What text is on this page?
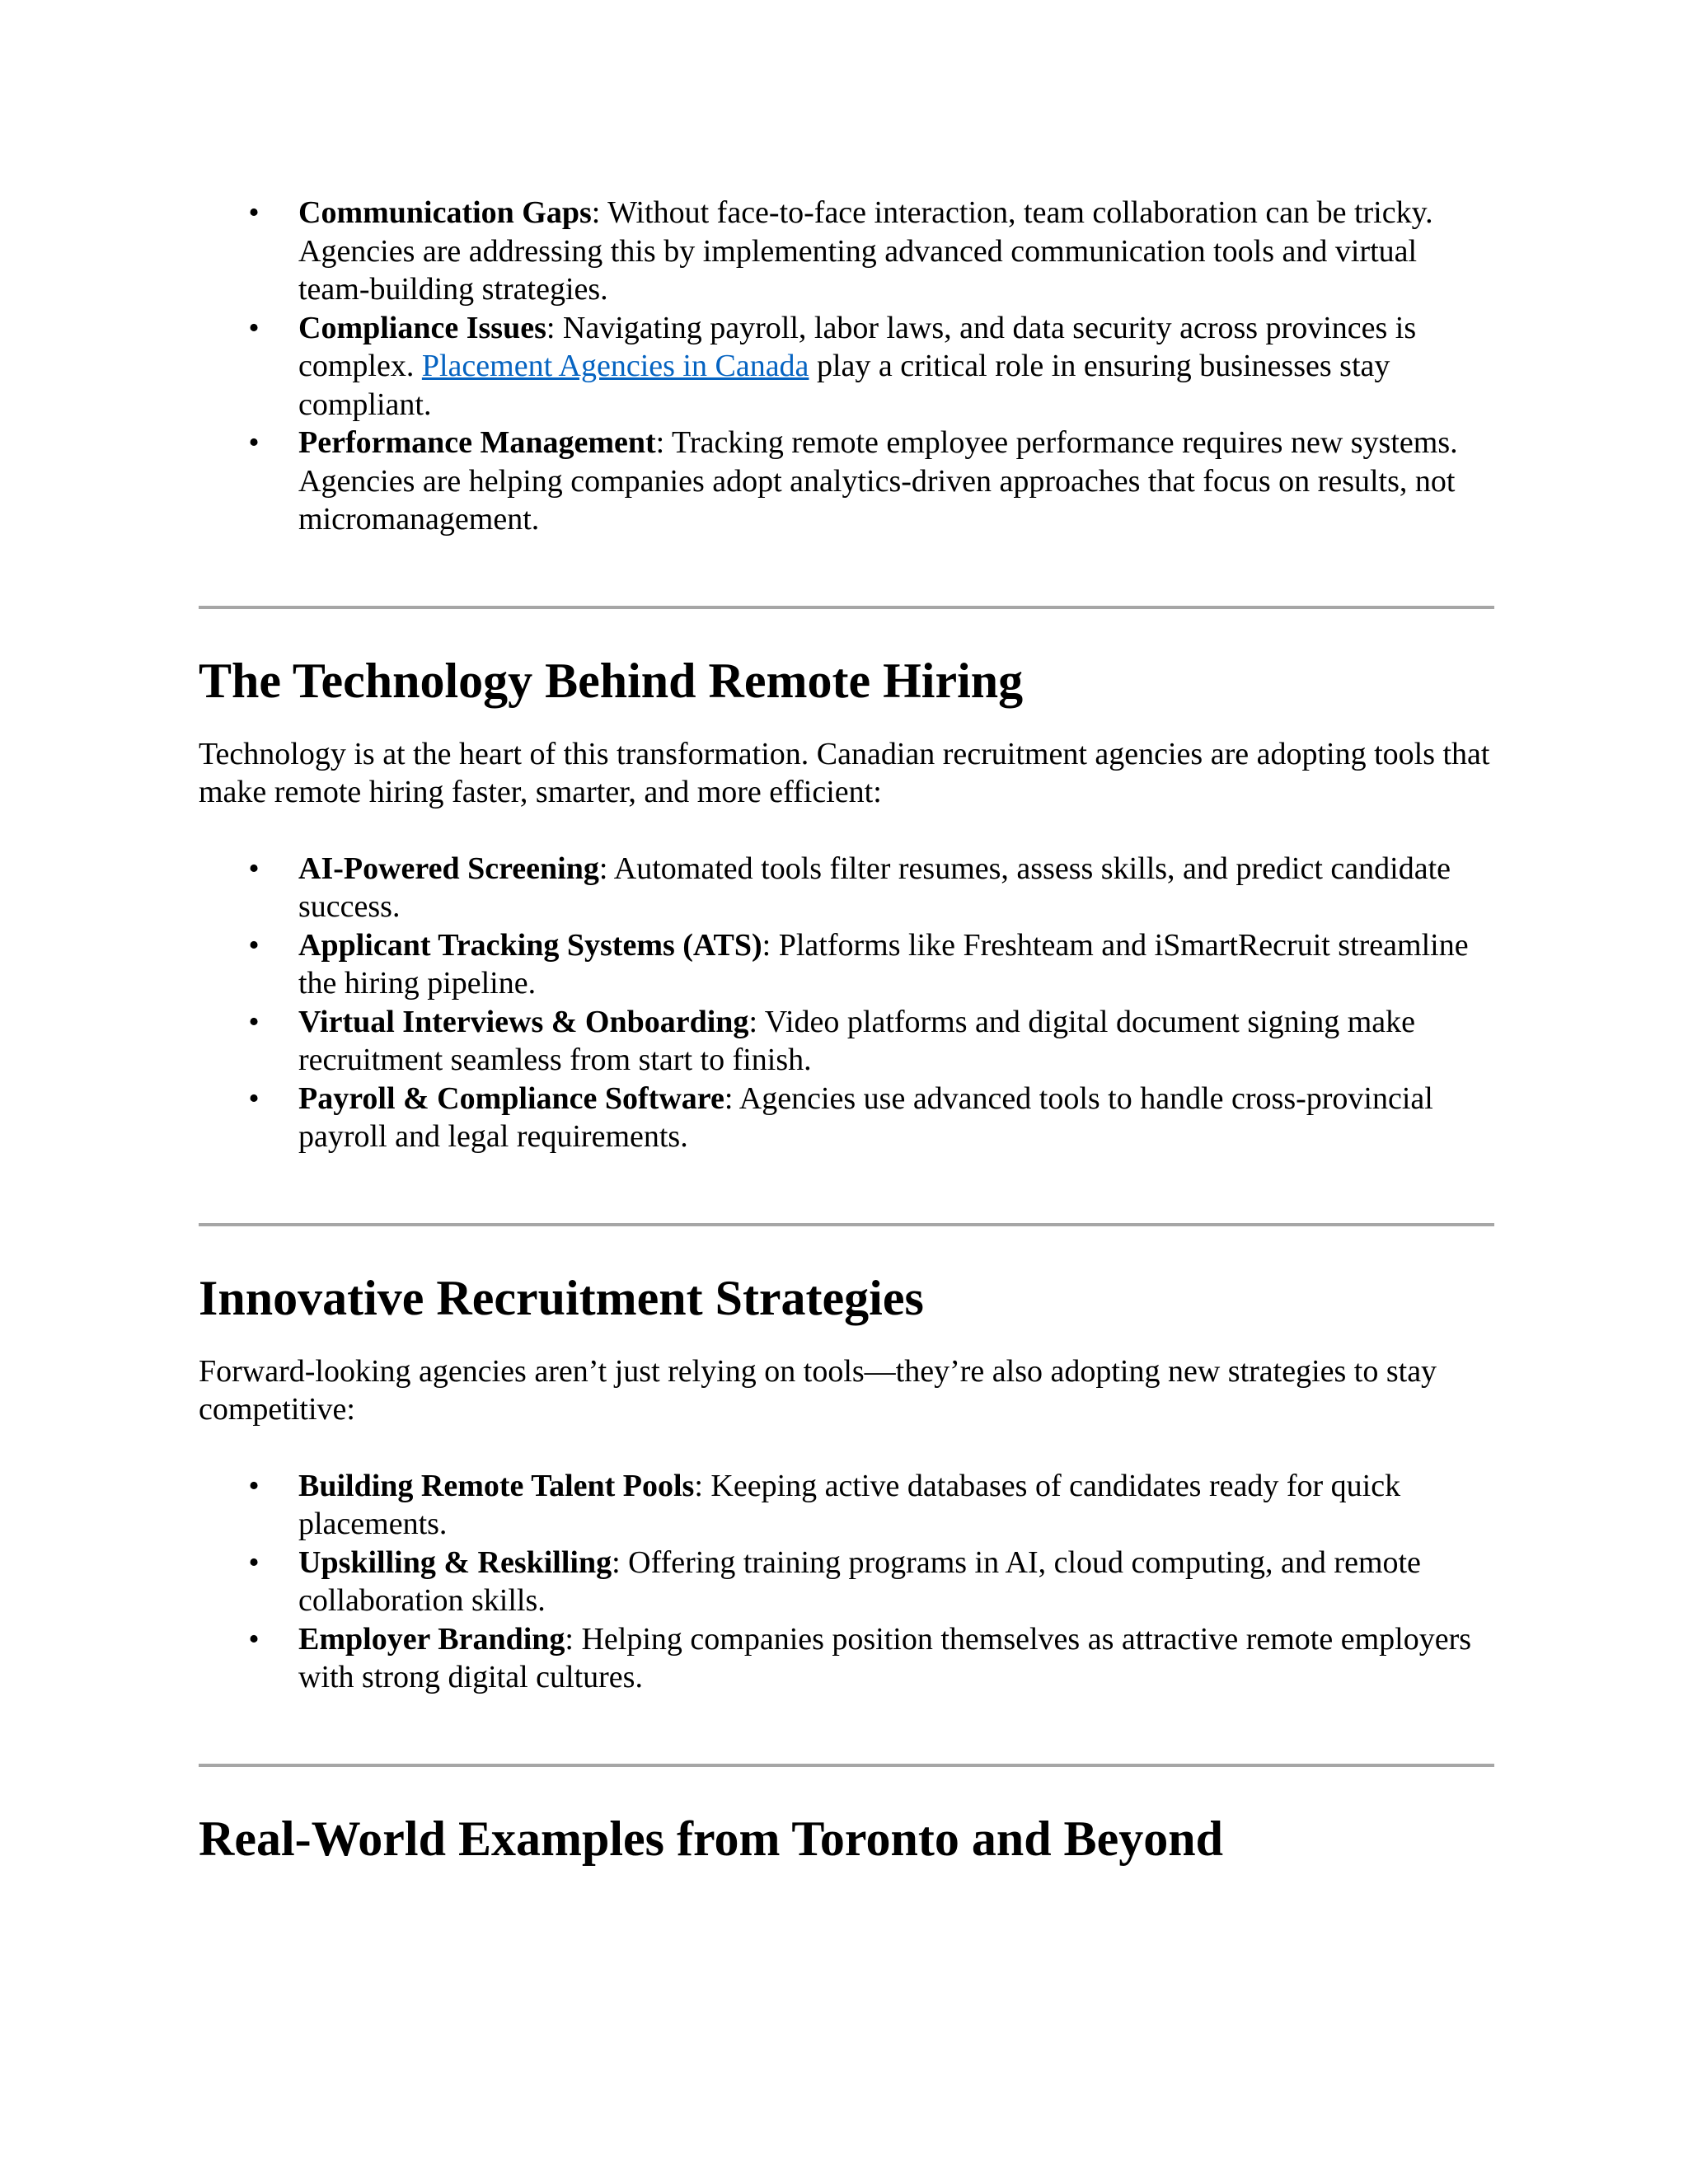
• Communication Gaps: Without face-to-face interaction, team collaboration can be tricky. Agencies are addressing this by implementing advanced communication tools and virtual team-building strategies.
• Compliance Issues: Navigating payroll, labor laws, and data security across provinces is complex. Placement Agencies in Canada play a critical role in ensuring businesses stay compliant.
• Performance Management: Tracking remote employee performance requires new systems. Agencies are helping companies adopt analytics-driven approaches that focus on results, not micromanagement.
The Technology Behind Remote Hiring

Technology is at the heart of this transformation. Canadian recruitment agencies are adopting tools that make remote hiring faster, smarter, and more efficient:

• AI-Powered Screening: Automated tools filter resumes, assess skills, and predict candidate success.
• Applicant Tracking Systems (ATS): Platforms like Freshteam and iSmartRecruit streamline the hiring pipeline.
• Virtual Interviews & Onboarding: Video platforms and digital document signing make recruitment seamless from start to finish.
• Payroll & Compliance Software: Agencies use advanced tools to handle cross-provincial payroll and legal requirements.
Innovative Recruitment Strategies

Forward-looking agencies aren’t just relying on tools—they’re also adopting new strategies to stay competitive:

• Building Remote Talent Pools: Keeping active databases of candidates ready for quick placements.
• Upskilling & Reskilling: Offering training programs in AI, cloud computing, and remote collaboration skills.
• Employer Branding: Helping companies position themselves as attractive remote employers with strong digital cultures.
Real-World Examples from Toronto and Beyond
